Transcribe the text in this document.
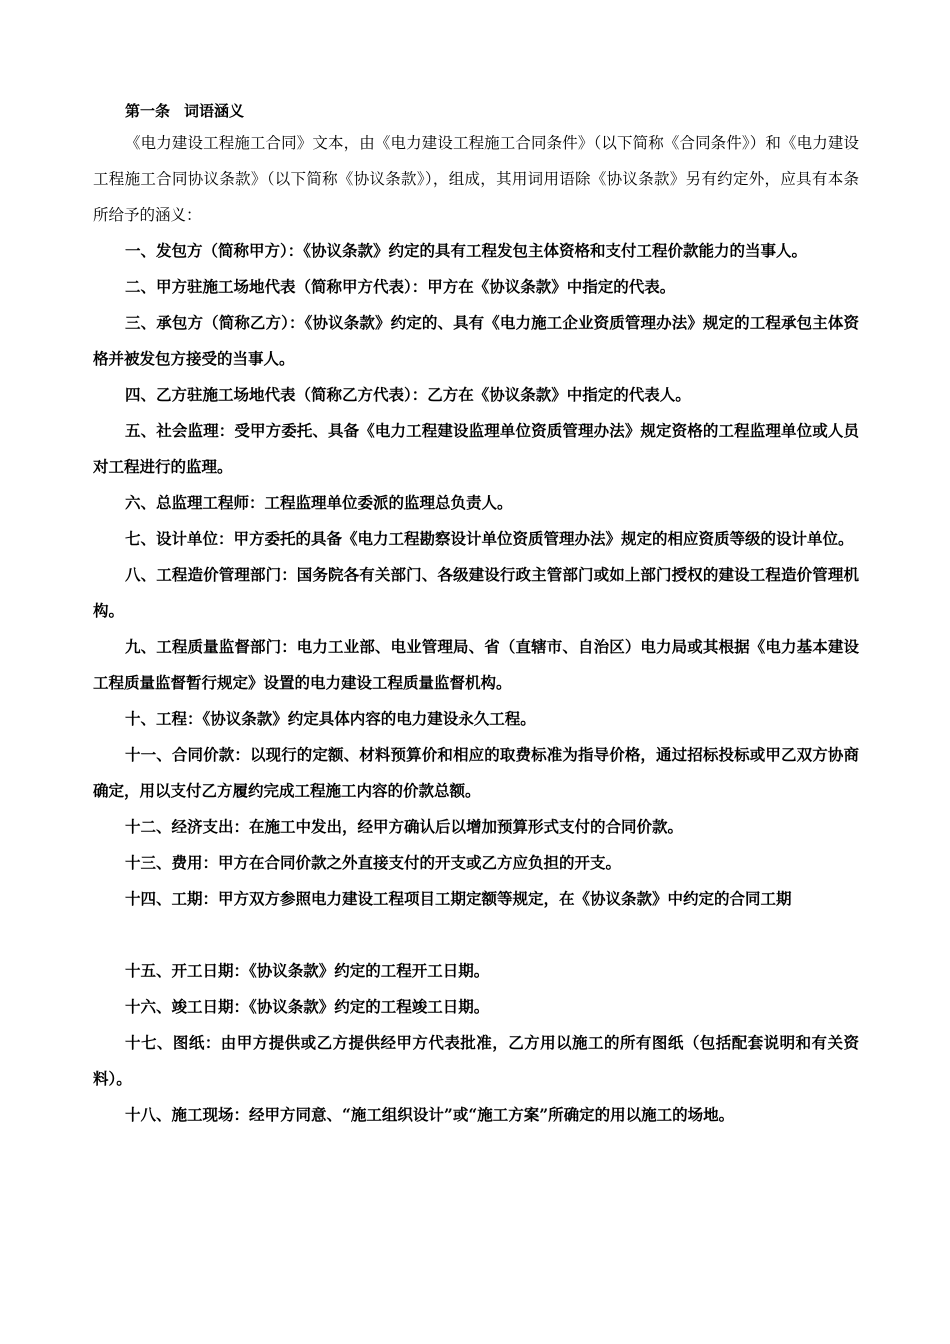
第一条 词语涵义

《电力建设工程施工合同》文本，由《电力建设工程施工合同条件》（以下简称《合同条件》）和《电力建设工程施工合同协议条款》（以下简称《协议条款》），组成，其用词用语除《协议条款》另有约定外，应具有本条所给予的涵义：

一、发包方（简称甲方）：《协议条款》约定的具有工程发包主体资格和支付工程价款能力的当事人。
二、甲方驻施工场地代表（简称甲方代表）：甲方在《协议条款》中指定的代表。
三、承包方（简称乙方）：《协议条款》约定的、具有《电力施工企业资质管理办法》规定的工程承包主体资格并被发包方接受的当事人。
四、乙方驻施工场地代表（简称乙方代表）：乙方在《协议条款》中指定的代表人。
五、社会监理：受甲方委托、具备《电力工程建设监理单位资质管理办法》规定资格的工程监理单位或人员对工程进行的监理。
六、总监理工程师：工程监理单位委派的监理总负责人。
七、设计单位：甲方委托的具备《电力工程勘察设计单位资质管理办法》规定的相应资质等级的设计单位。
八、工程造价管理部门：国务院各有关部门、各级建设行政主管部门或如上部门授权的建设工程造价管理机构。
九、工程质量监督部门：电力工业部、电业管理局、省（直辖市、自治区）电力局或其根据《电力基本建设工程质量监督暂行规定》设置的电力建设工程质量监督机构。
十、工程：《协议条款》约定具体内容的电力建设永久工程。
十一、合同价款：以现行的定额、材料预算价和相应的取费标准为指导价格，通过招标投标或甲乙双方协商确定，用以支付乙方履约完成工程施工内容的价款总额。
十二、经济支出：在施工中发出，经甲方确认后以增加预算形式支付的合同价款。
十三、费用：甲方在合同价款之外直接支付的开支或乙方应负担的开支。
十四、工期：甲方双方参照电力建设工程项目工期定额等规定，在《协议条款》中约定的合同工期
十五、开工日期：《协议条款》约定的工程开工日期。
十六、竣工日期：《协议条款》约定的工程竣工日期。
十七、图纸：由甲方提供或乙方提供经甲方代表批准，乙方用以施工的所有图纸（包括配套说明和有关资料）。
十八、施工现场：经甲方同意、“施工组织设计”或“施工方案”所确定的用以施工的场地。
